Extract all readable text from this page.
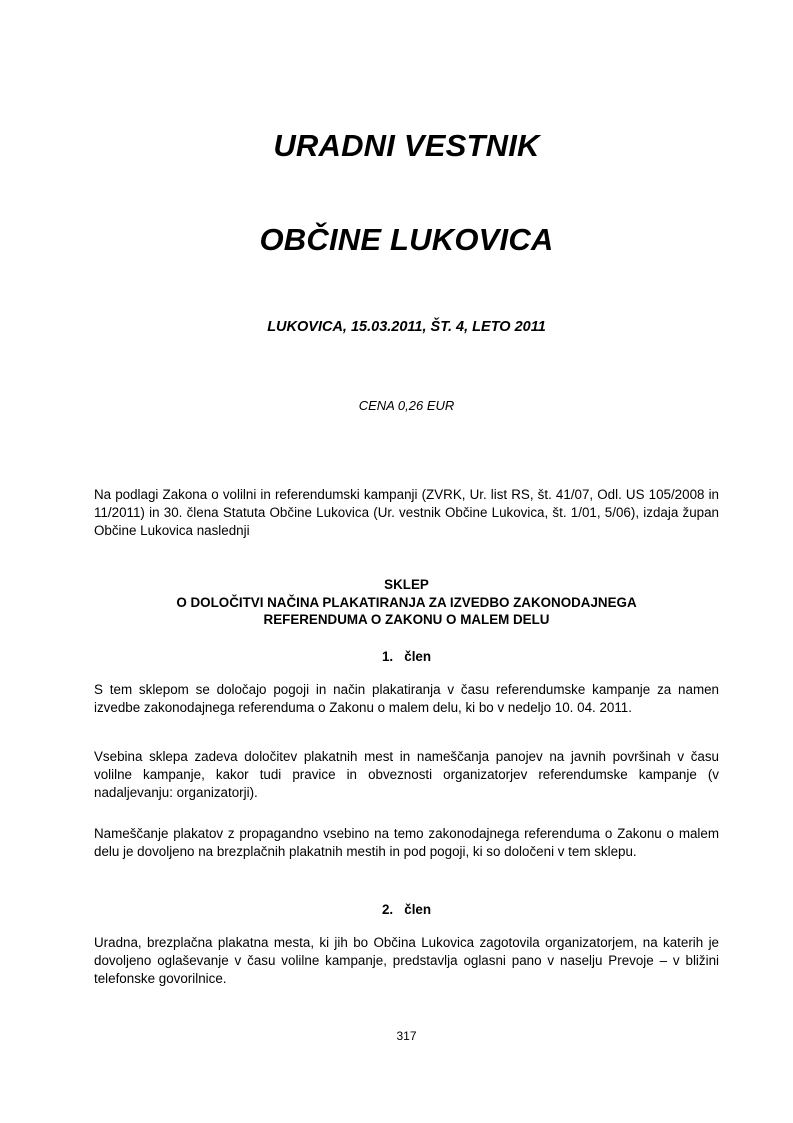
URADNI VESTNIK
OBČINE LUKOVICA
LUKOVICA, 15.03.2011, ŠT. 4, LETO 2011
CENA 0,26 EUR
Na podlagi Zakona o volilni in referendumski kampanji (ZVRK, Ur. list RS, št. 41/07, Odl. US 105/2008 in 11/2011) in 30. člena Statuta Občine Lukovica (Ur. vestnik Občine Lukovica, št. 1/01, 5/06), izdaja župan Občine Lukovica naslednji
SKLEP
O DOLOČITVI NAČINA PLAKATIRANJA ZA IZVEDBO ZAKONODAJNEGA
REFERENDUMA O ZAKONU O MALEM DELU
1.   člen
S tem sklepom se določajo pogoji in način plakatiranja v času referendumske kampanje za namen izvedbe zakonodajnega referenduma o Zakonu o malem delu, ki bo v nedeljo 10. 04. 2011.
Vsebina sklepa zadeva določitev plakatnih mest in nameščanja panojev na javnih površinah v času volilne kampanje, kakor tudi pravice in obveznosti organizatorjev referendumske kampanje (v nadaljevanju: organizatorji).
Nameščanje plakatov z propagandno vsebino na temo zakonodajnega referenduma o Zakonu o malem delu je dovoljeno na brezplačnih plakatnih mestih in pod pogoji, ki so določeni v tem sklepu.
2.   člen
Uradna, brezplačna plakatna mesta, ki jih bo Občina Lukovica zagotovila organizatorjem, na katerih je dovoljeno oglaševanje v času volilne kampanje, predstavlja oglasni pano v naselju Prevoje – v bližini telefonske govorilnice.
317
